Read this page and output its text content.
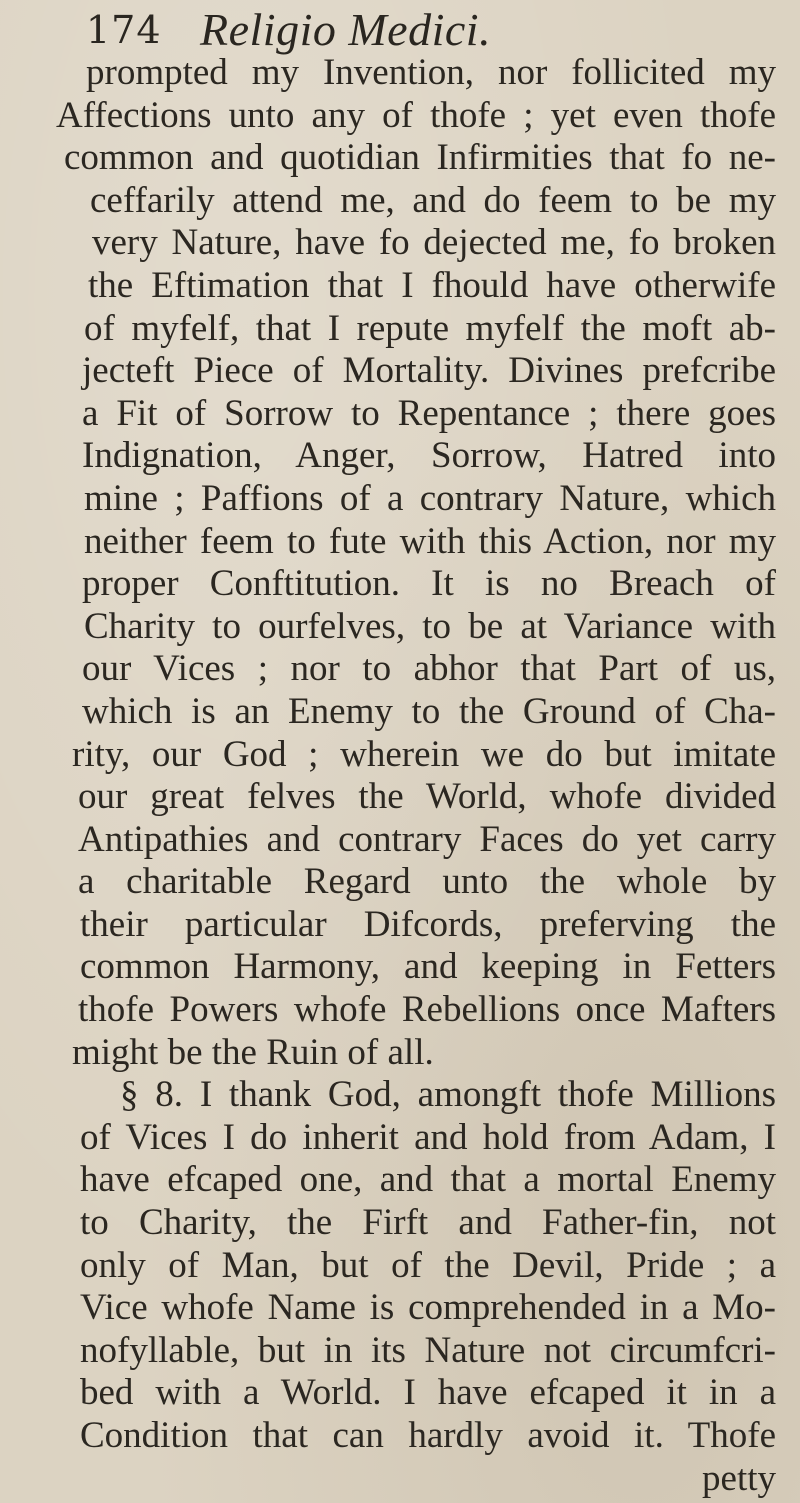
174 Religio Medici.
prompted my Invention, nor follicited my
Affections unto any of thofe ; yet even thofe
common and quotidian Infirmities that fo ne-
ceffarily attend me, and do feem to be my
very Nature, have fo dejected me, fo broken
the Eftimation that I fhould have otherwife
of myfelf, that I repute myfelf the moft ab-
jecteft Piece of Mortality. Divines prefcribe
a Fit of Sorrow to Repentance ; there goes
Indignation, Anger, Sorrow, Hatred into
mine ; Paffions of a contrary Nature, which
neither feem to fute with this Action, nor my
proper Conftitution. It is no Breach of
Charity to ourfelves, to be at Variance with
our Vices ; nor to abhor that Part of us,
which is an Enemy to the Ground of Cha-
rity, our God ; wherein we do but imitate
our great felves the World, whofe divided
Antipathies and contrary Faces do yet carry
a charitable Regard unto the whole by
their particular Difcords, preferving the
common Harmony, and keeping in Fetters
thofe Powers whofe Rebellions once Mafters
might be the Ruin of all.
§ 8. I thank God, amongft thofe Millions
of Vices I do inherit and hold from Adam, I
have efcaped one, and that a mortal Enemy
to Charity, the Firft and Father-fin, not
only of Man, but of the Devil, Pride ; a
Vice whofe Name is comprehended in a Mo-
nofyllable, but in its Nature not circumfcri-
bed with a World. I have efcaped it in a
Condition that can hardly avoid it. Thofe
petty
